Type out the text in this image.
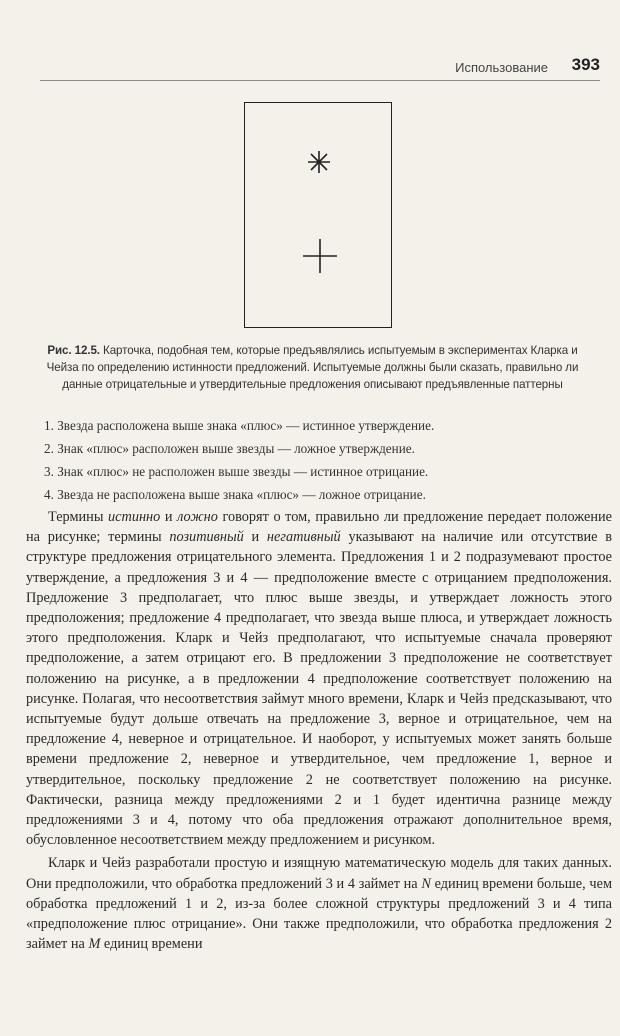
Использование 393
Рис. 12.5. Карточка, подобная тем, которые предъявлялись испытуемым в экспериментах Кларка и Чейза по определению истинности предложений. Испытуемые должны были сказать, правильно ли данные отрицательные и утвердительные предложения описывают предъявленные паттерны
1. Звезда расположена выше знака «плюс» — истинное утверждение.
2. Знак «плюс» расположен выше звезды — ложное утверждение.
3. Знак «плюс» не расположен выше звезды — истинное отрицание.
4. Звезда не расположена выше знака «плюс» — ложное отрицание.

Термины истинно и ложно говорят о том, правильно ли предложение передает положение на рисунке; термины позитивный и негативный указывают на наличие или отсутствие в структуре предложения отрицательного элемента. Предложения 1 и 2 подразумевают простое утверждение, а предложения 3 и 4 — предположение вместе с отрицанием предположения. Предложение 3 предполагает, что плюс выше звезды, и утверждает ложность этого предположения; предложение 4 предполагает, что звезда выше плюса, и утверждает ложность этого предположения. Кларк и Чейз предполагают, что испытуемые сначала проверяют предположение, а затем отрицают его. В предложении 3 предположение не соответствует положению на рисунке, а в предложении 4 предположение соответствует положению на рисунке. Полагая, что несоответствия займут много времени, Кларк и Чейз предсказывают, что испытуемые будут дольше отвечать на предложение 3, верное и отрицательное, чем на предложение 4, неверное и отрицательное. И наоборот, у испытуемых может занять больше времени предложение 2, неверное и утвердительное, чем предложение 1, верное и утвердительное, поскольку предложение 2 не соответствует положению на рисунке. Фактически, разница между предложениями 2 и 1 будет идентична разнице между предложениями 3 и 4, потому что оба предложения отражают дополнительное время, обусловленное несоответствием между предложением и рисунком.

Кларк и Чейз разработали простую и изящную математическую модель для таких данных. Они предположили, что обработка предложений 3 и 4 займет на N единиц времени больше, чем обработка предложений 1 и 2, из-за более сложной структуры предложений 3 и 4 типа «предположение плюс отрицание». Они также предположили, что обработка предложения 2 займет на M единиц времени
